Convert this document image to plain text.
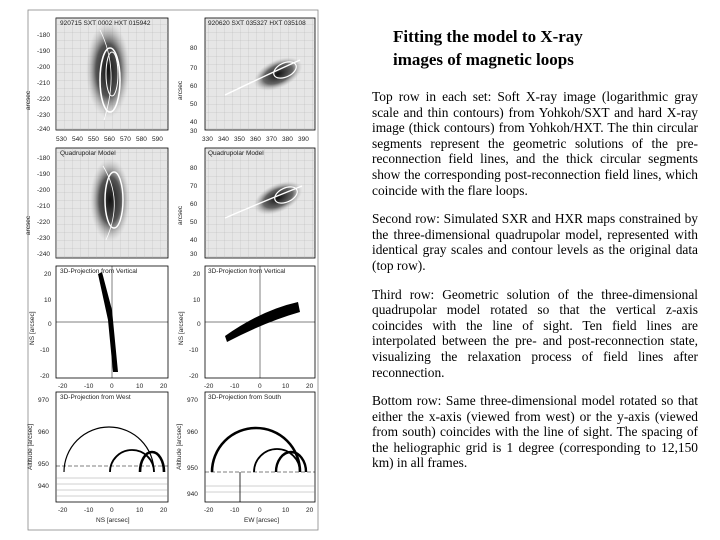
920715 SXT 0002 HXT 015942	920620 SXT 035327 HXT 035108
Quadrupolar Model	Quadrupolar Model
-180
-190
-200
-210
-220
-230
-240
530 540 550 560 570 580 590
arcsec
80
70
60
50
40
30
330 340 350 360 370 380 390
arcsec
-180
-190
-200
-210
-220
-230
-240
arcsec
80
70
60
50
40
30
arcsec
3D-Projection from Vertical
20
10
0
-10
-20
-20	-10	0	10	20
NS [arcsec]
3D-Projection from Vertical
20
10
0
-10
-20
-20	-10	0	10	20
NS [arcsec]
3D-Projection from West
970
960
950
940
-20	-10	0	10	20
NS [arcsec]
Altitude [arcsec]
3D-Projection from South
970
960
950
940
-20	-10	0	10	20
EW [arcsec]
Altitude [arcsec]
Fitting the model to X-ray
images of magnetic loops

Top row in each set: Soft X-ray image (logarithmic gray scale and thin contours) from Yohkoh/SXT and hard X-ray image (thick contours) from Yohkoh/HXT. The thin circular segments represent the geometric solutions of the pre-reconnection field lines, and the thick circular segments show the corresponding post-reconnection field lines, which coincide with the flare loops.

Second row: Simulated SXR and HXR maps constrained by the three-dimensional quadrupolar model, represented with identical gray scales and contour levels as the original data (top row).

Third row: Geometric solution of the three-dimensional quadrupolar model rotated so that the vertical z-axis coincides with the line of sight. Ten field lines are interpolated between the pre- and post-reconnection state, visualizing the relaxation process of field lines after reconnection.

Bottom row: Same three-dimensional model rotated so that either the x-axis (viewed from west) or the y-axis (viewed from south) coincides with the line of sight. The spacing of the heliographic grid is 1 degree (corresponding to 12,150 km) in all frames.
